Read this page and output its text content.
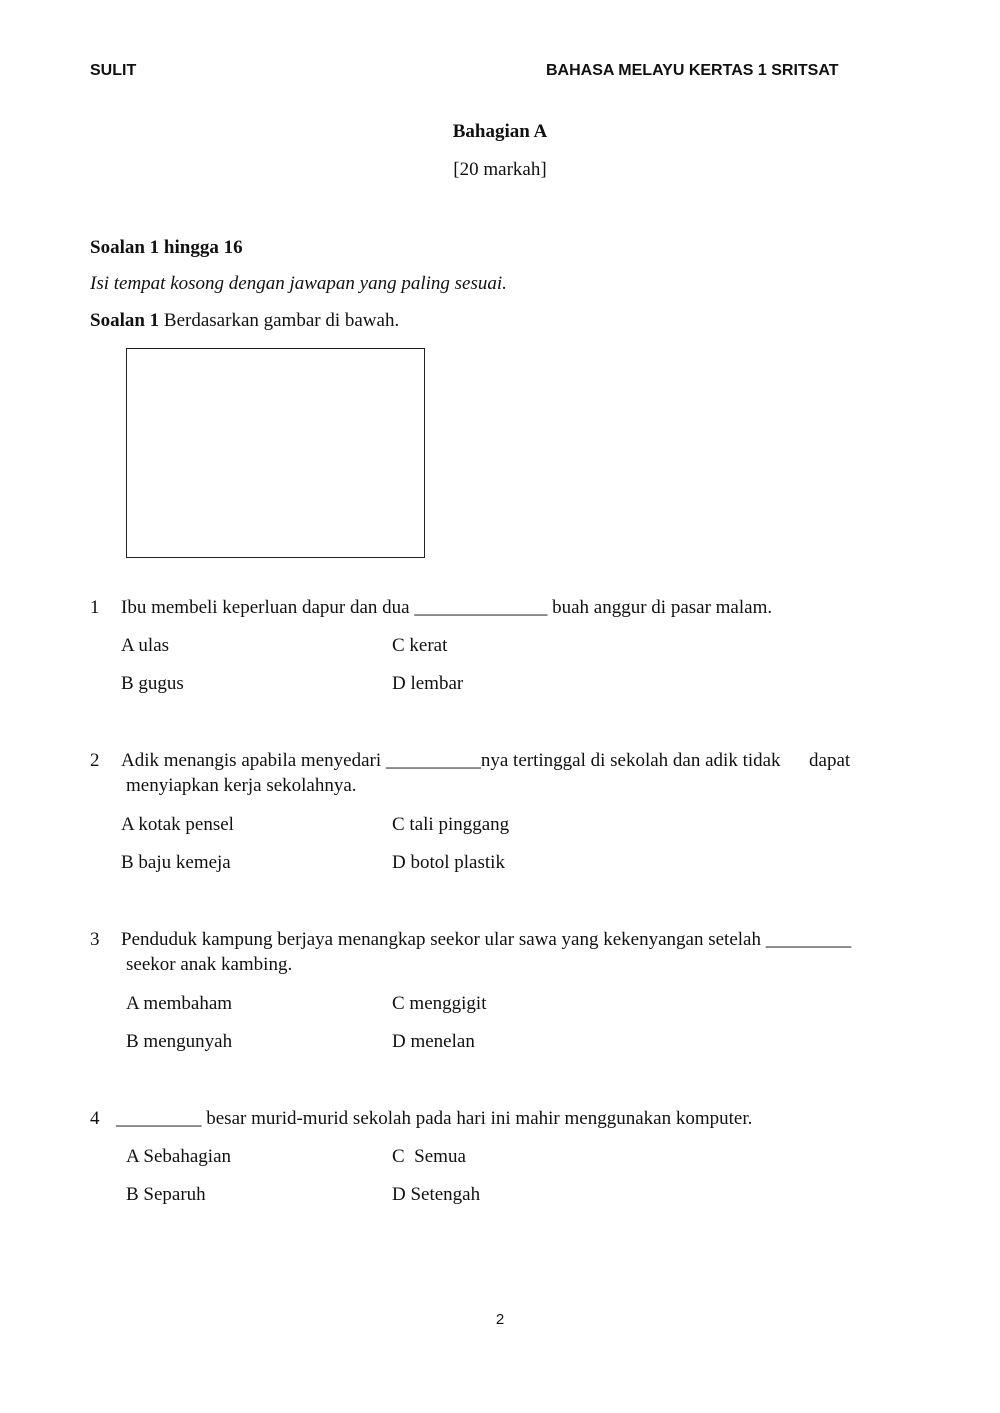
SULIT	BAHASA MELAYU KERTAS 1 SRITSAT
Bahagian A
[20 markah]
Soalan 1 hingga 16
Isi tempat kosong dengan jawapan yang paling sesuai.
Soalan 1 Berdasarkan gambar di bawah.
1 Ibu membeli keperluan dapur dan dua ______________ buah anggur di pasar malam.
A ulas	C kerat
B gugus	D lembar
2 Adik menangis apabila menyedari __________nya tertinggal di sekolah dan adik tidak      dapat
menyiapkan kerja sekolahnya.
A kotak pensel	C tali pinggang
B baju kemeja	D botol plastik
3 Penduduk kampung berjaya menangkap seekor ular sawa yang kekenyangan setelah _________
seekor anak kambing.
A membaham	C menggigit
B mengunyah	D menelan
4 _________ besar murid-murid sekolah pada hari ini mahir menggunakan komputer.
A Sebahagian	C  Semua
B Separuh	D Setengah
2
